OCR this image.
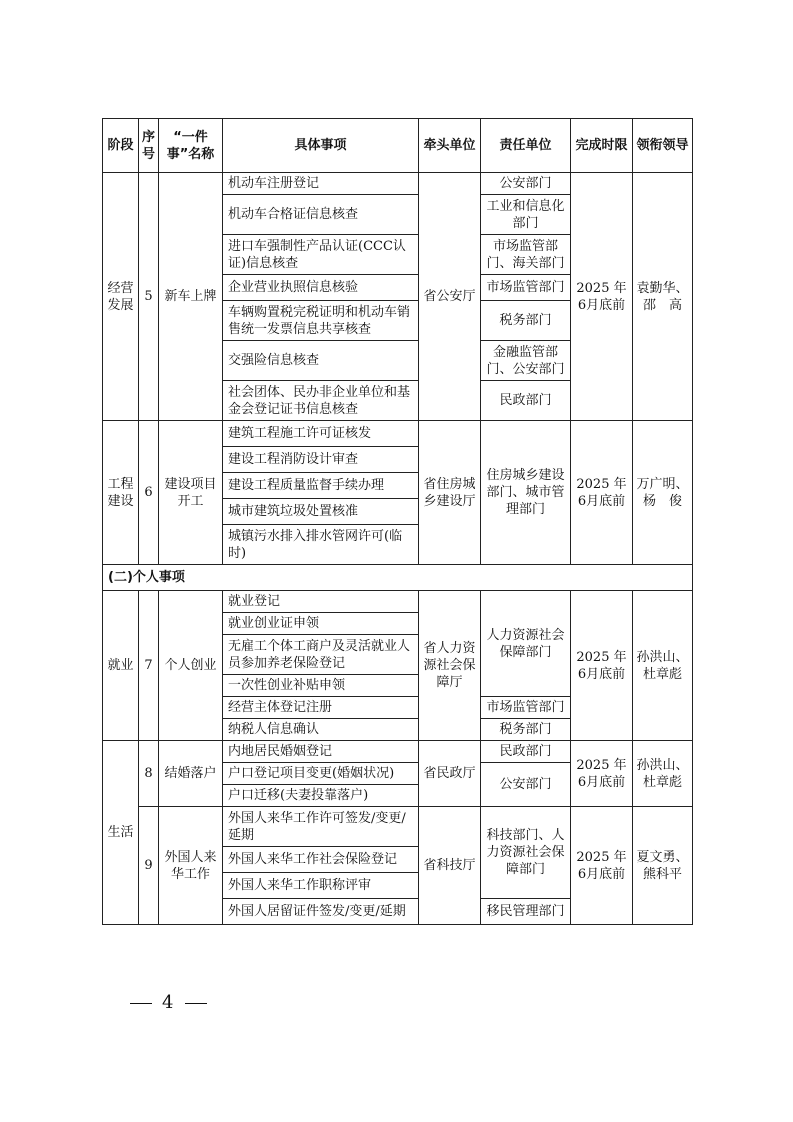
阶段	序号	“一件事”名称	具体事项	牵头单位	责任单位	完成时限	领衔领导
经营发展	5	新车上牌	机动车注册登记	省公安厅	公安部门	2025 年6月底前	袁勤华、邵　高
			机动车合格证信息核查		工业和信息化部门		
			进口车强制性产品认证(CCC认证)信息核查		市场监管部门、海关部门		
			企业营业执照信息核验		市场监管部门		
			车辆购置税完税证明和机动车销售统一发票信息共享核查		税务部门		
			交强险信息核查		金融监管部门、公安部门		
			社会团体、民办非企业单位和基金会登记证书信息核查		民政部门		
工程建设	6	建设项目开工	建筑工程施工许可证核发	省住房城乡建设厅	住房城乡建设部门、城市管理部门	2025 年6月底前	万广明、杨　俊
			建设工程消防设计审查				
			建设工程质量监督手续办理				
			城市建筑垃圾处置核准				
			城镇污水排入排水管网许可(临时)				
(二)个人事项							
就业	7	个人创业	就业登记	省人力资源社会保障厅	人力资源社会保障部门	2025 年6月底前	孙洪山、杜章彪
			就业创业证申领				
			无雇工个体工商户及灵活就业人员参加养老保险登记				
			一次性创业补贴申领				
			经营主体登记注册		市场监管部门		
			纳税人信息确认		税务部门		
生活	8	结婚落户	内地居民婚姻登记	省民政厅	民政部门	2025 年6月底前	孙洪山、杜章彪
			户口登记项目变更(婚姻状况)		公安部门		
			户口迁移(夫妻投靠落户)				
	9	外国人来华工作	外国人来华工作许可签发/变更/延期	省科技厅	科技部门、人力资源社会保障部门	2025 年6月底前	夏文勇、熊科平
			外国人来华工作社会保险登记				
			外国人来华工作职称评审				
			外国人居留证件签发/变更/延期		移民管理部门		
4
